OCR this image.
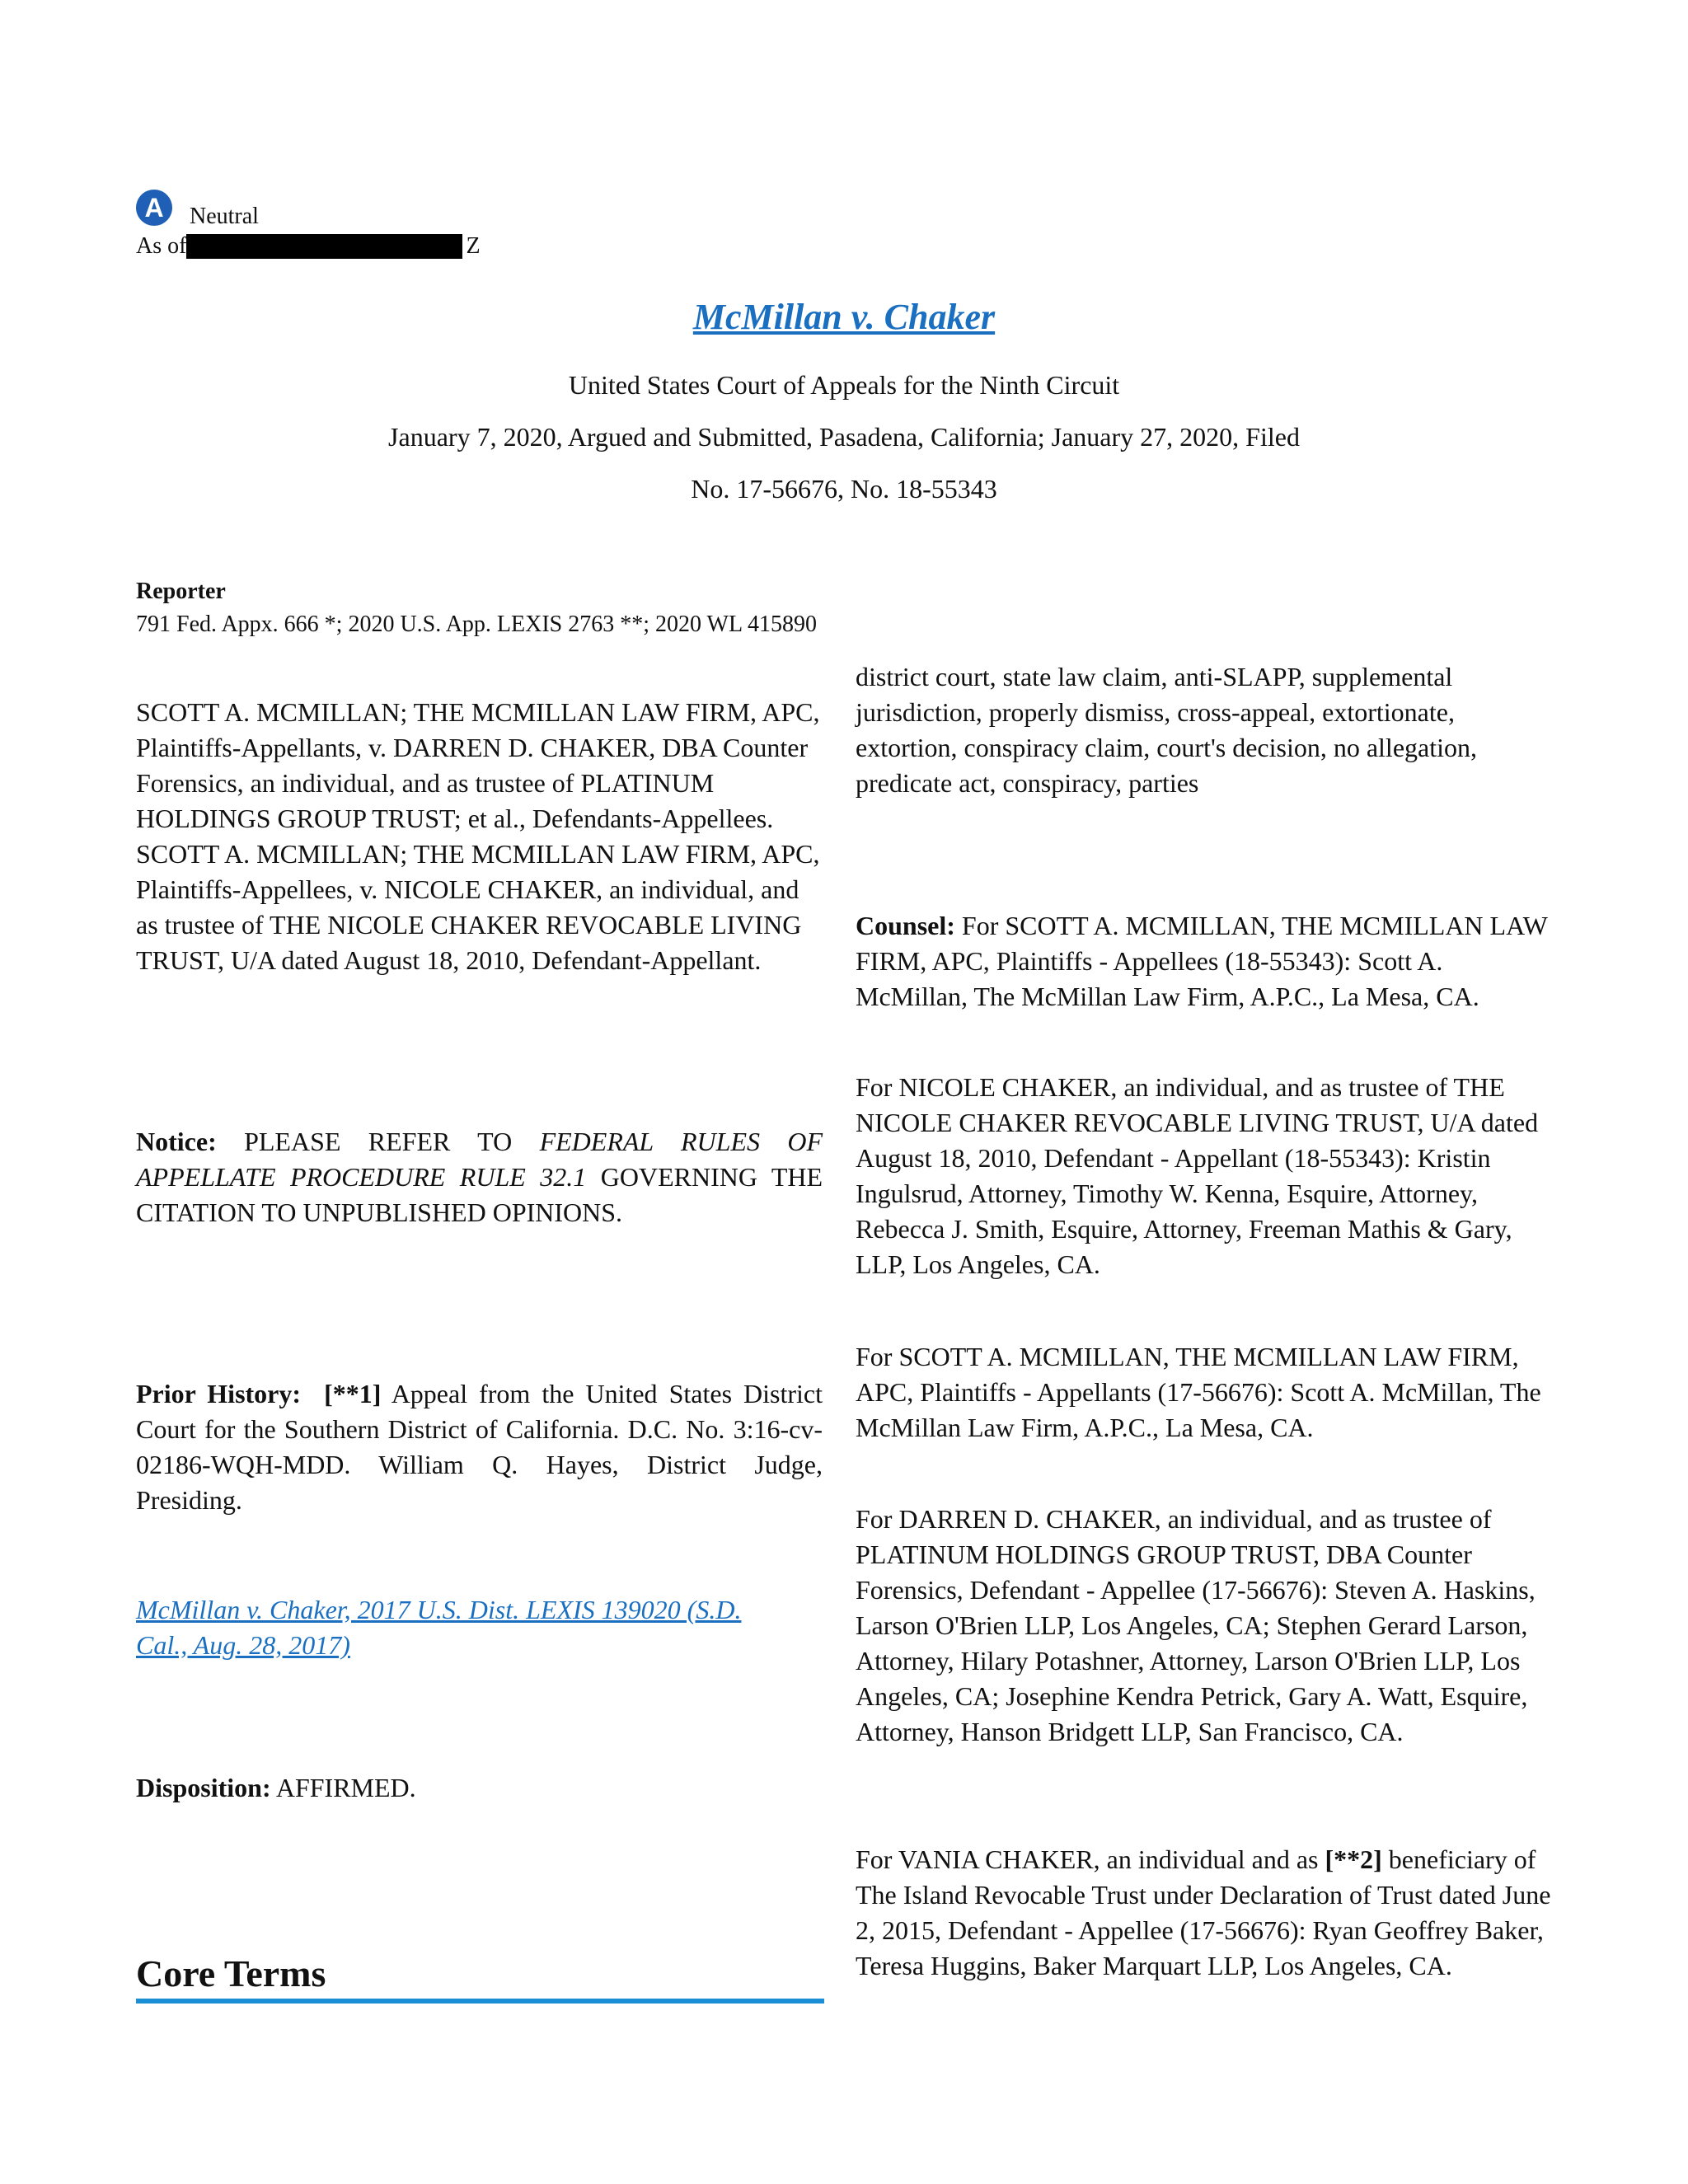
A	Neutral
As of	Z
McMillan v. Chaker
United States Court of Appeals for the Ninth Circuit
January 7, 2020, Argued and Submitted, Pasadena, California; January 27, 2020, Filed
No. 17-56676, No. 18-55343
Reporter
791 Fed. Appx. 666 *; 2020 U.S. App. LEXIS 2763 **; 2020 WL 415890

SCOTT A. MCMILLAN; THE MCMILLAN LAW FIRM, APC, Plaintiffs-Appellants, v. DARREN D. CHAKER, DBA Counter Forensics, an individual, and as trustee of PLATINUM HOLDINGS GROUP TRUST; et al., Defendants-Appellees. SCOTT A. MCMILLAN; THE MCMILLAN LAW FIRM, APC, Plaintiffs-Appellees, v. NICOLE CHAKER, an individual, and as trustee of THE NICOLE CHAKER REVOCABLE LIVING TRUST, U/A dated August 18, 2010, Defendant-Appellant.

Notice: PLEASE REFER TO FEDERAL RULES OF APPELLATE PROCEDURE RULE 32.1 GOVERNING THE CITATION TO UNPUBLISHED OPINIONS.

Prior History: [**1] Appeal from the United States District Court for the Southern District of California. D.C. No. 3:16-cv-02186-WQH-MDD. William Q. Hayes, District Judge, Presiding.

McMillan v. Chaker, 2017 U.S. Dist. LEXIS 139020 (S.D. Cal., Aug. 28, 2017)

Disposition: AFFIRMED.

Core Terms

district court, state law claim, anti-SLAPP, supplemental jurisdiction, properly dismiss, cross-appeal, extortionate, extortion, conspiracy claim, court's decision, no allegation, predicate act, conspiracy, parties

Counsel: For SCOTT A. MCMILLAN, THE MCMILLAN LAW FIRM, APC, Plaintiffs - Appellees (18-55343): Scott A. McMillan, The McMillan Law Firm, A.P.C., La Mesa, CA.

For NICOLE CHAKER, an individual, and as trustee of THE NICOLE CHAKER REVOCABLE LIVING TRUST, U/A dated August 18, 2010, Defendant - Appellant (18-55343): Kristin Ingulsrud, Attorney, Timothy W. Kenna, Esquire, Attorney, Rebecca J. Smith, Esquire, Attorney, Freeman Mathis & Gary, LLP, Los Angeles, CA.

For SCOTT A. MCMILLAN, THE MCMILLAN LAW FIRM, APC, Plaintiffs - Appellants (17-56676): Scott A. McMillan, The McMillan Law Firm, A.P.C., La Mesa, CA.

For DARREN D. CHAKER, an individual, and as trustee of PLATINUM HOLDINGS GROUP TRUST, DBA Counter Forensics, Defendant - Appellee (17-56676): Steven A. Haskins, Larson O'Brien LLP, Los Angeles, CA; Stephen Gerard Larson, Attorney, Hilary Potashner, Attorney, Larson O'Brien LLP, Los Angeles, CA; Josephine Kendra Petrick, Gary A. Watt, Esquire, Attorney, Hanson Bridgett LLP, San Francisco, CA.

For VANIA CHAKER, an individual and as [**2] beneficiary of The Island Revocable Trust under Declaration of Trust dated June 2, 2015, Defendant - Appellee (17-56676): Ryan Geoffrey Baker, Teresa Huggins, Baker Marquart LLP, Los Angeles, CA.
